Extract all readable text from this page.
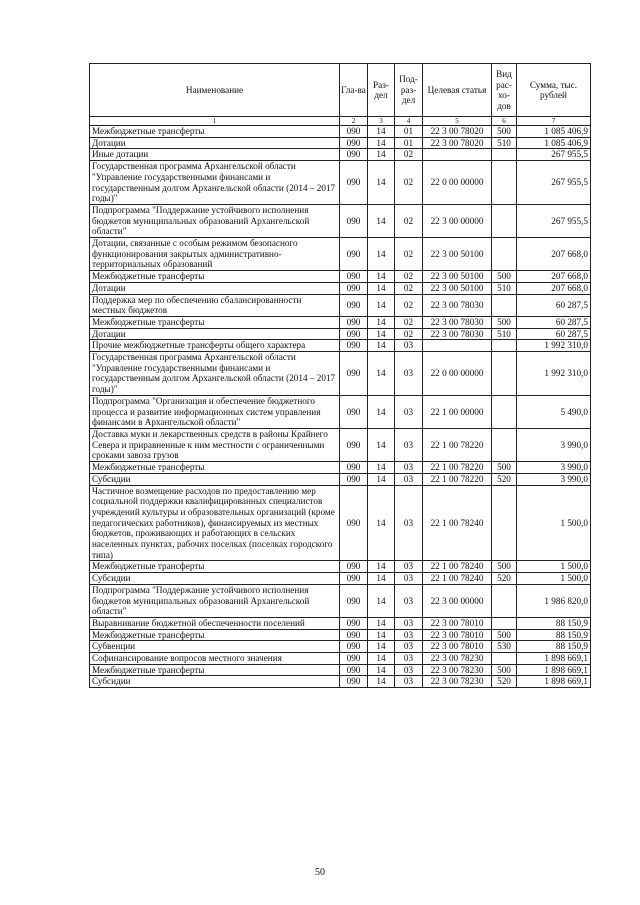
Наименование	Гла-ва	Раз-дел	Под-раз-дел	Целевая статья	Вид рас-хо-дов	Сумма, тыс. рублей
1	2	3	4	5	6	7
Межбюджетные трансферты	090	14	01	22 3 00 78020	500	1 085 406,9
Дотации	090	14	01	22 3 00 78020	510	1 085 406,9
Иные дотации	090	14	02			267 955,5
Государственная программа Архангельской области "Управление государственными финансами и государственным долгом Архангельской области (2014 – 2017 годы)"	090	14	02	22 0 00 00000		267 955,5
Подпрограмма "Поддержание устойчивого исполнения бюджетов муниципальных образований Архангельской области"	090	14	02	22 3 00 00000		267 955,5
Дотации, связанные с особым режимом безопасного функционирования закрытых административно-территориальных образований	090	14	02	22 3 00 50100		207 668,0
Межбюджетные трансферты	090	14	02	22 3 00 50100	500	207 668,0
Дотации	090	14	02	22 3 00 50100	510	207 668,0
Поддержка мер по обеспечению сбалансированности местных бюджетов	090	14	02	22 3 00 78030		60 287,5
Межбюджетные трансферты	090	14	02	22 3 00 78030	500	60 287,5
Дотации	090	14	02	22 3 00 78030	510	60 287,5
Прочие межбюджетные трансферты общего характера	090	14	03			1 992 310,0
Государственная программа Архангельской области "Управление государственными финансами и государственным долгом Архангельской области (2014 – 2017 годы)"	090	14	03	22 0 00 00000		1 992 310,0
Подпрограмма "Организация и обеспечение бюджетного процесса и развитие информационных систем управления финансами в Архангельской области"	090	14	03	22 1 00 00000		5 490,0
Доставка муки и лекарственных средств в районы Крайнего Севера и приравненные к ним местности с ограниченными сроками завоза грузов	090	14	03	22 1 00 78220		3 990,0
Межбюджетные трансферты	090	14	03	22 1 00 78220	500	3 990,0
Субсидии	090	14	03	22 1 00 78220	520	3 990,0
Частичное возмещение расходов по предоставлению мер социальной поддержки квалифицированных специалистов учреждений культуры и образовательных организаций (кроме педагогических работников), финансируемых из местных бюджетов, проживающих и работающих в сельских населенных пунктах, рабочих поселках (поселках городского типа)	090	14	03	22 1 00 78240		1 500,0
Межбюджетные трансферты	090	14	03	22 1 00 78240	500	1 500,0
Субсидии	090	14	03	22 1 00 78240	520	1 500,0
Подпрограмма "Поддержание устойчивого исполнения бюджетов муниципальных образований Архангельской области"	090	14	03	22 3 00 00000		1 986 820,0
Выравнивание бюджетной обеспеченности поселений	090	14	03	22 3 00 78010		88 150,9
Межбюджетные трансферты	090	14	03	22 3 00 78010	500	88 150,9
Субвенции	090	14	03	22 3 00 78010	530	88 150,9
Софинансирование вопросов местного значения	090	14	03	22 3 00 78230		1 898 669,1
Межбюджетные трансферты	090	14	03	22 3 00 78230	500	1 898 669,1
Субсидии	090	14	03	22 3 00 78230	520	1 898 669,1
50
